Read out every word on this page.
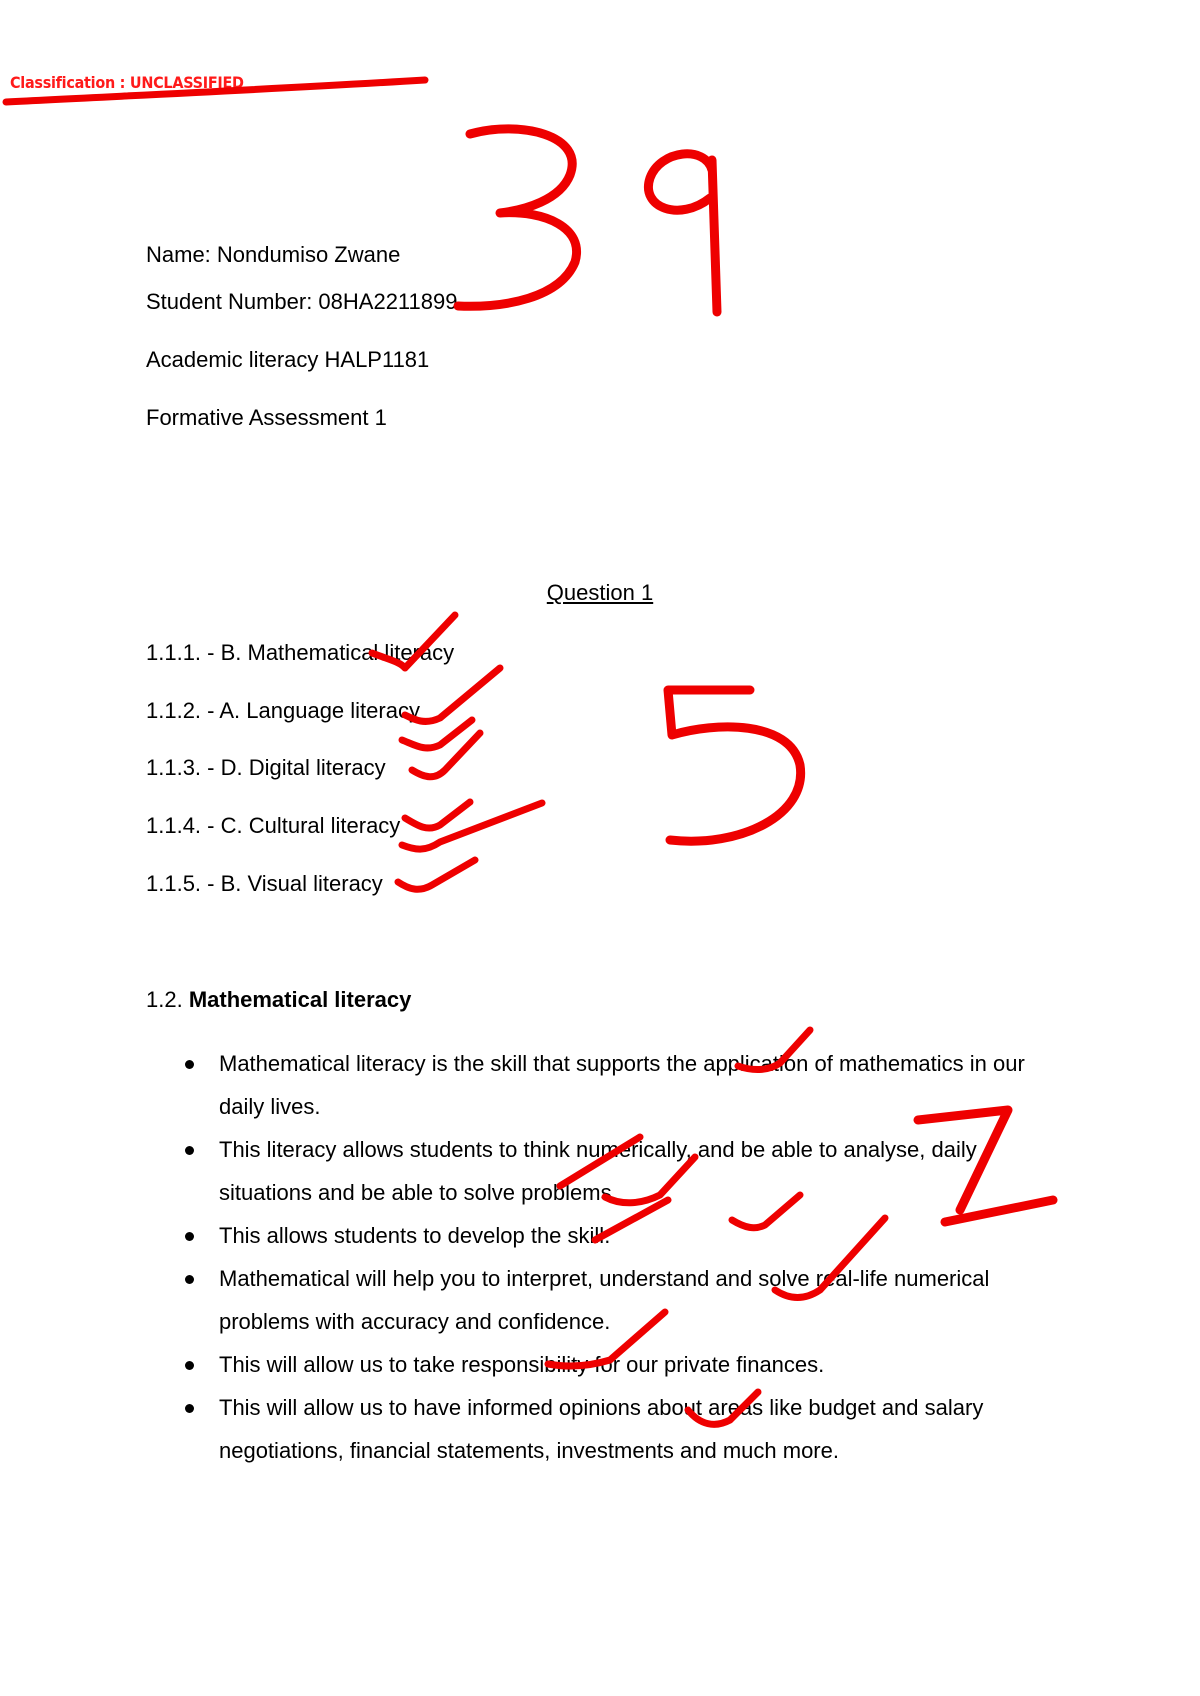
Classification : UNCLASSIFIED
Name: Nondumiso Zwane
Student Number: 08HA2211899
Academic literacy HALP1181
Formative Assessment 1
Question 1
1.1.1. - B. Mathematical literacy
1.1.2. - A. Language literacy
1.1.3. - D. Digital literacy
1.1.4. - C. Cultural literacy
1.1.5. - B. Visual literacy
1.2. Mathematical literacy
Mathematical literacy is the skill that supports the application of mathematics in our daily lives.
This literacy allows students to think numerically, and be able to analyse, daily situations and be able to solve problems.
This allows students to develop the skill.
Mathematical will help you to interpret, understand and solve real-life numerical problems with accuracy and confidence.
This will allow us to take responsibility for our private finances.
This will allow us to have informed opinions about areas like budget and salary negotiations, financial statements, investments and much more.
